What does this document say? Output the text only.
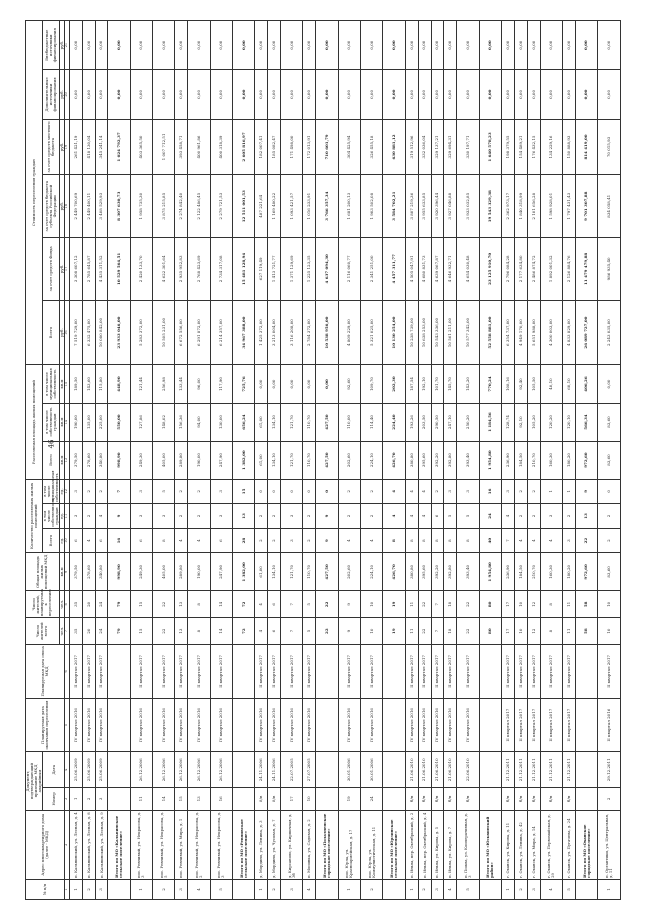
46
№ п/п	Адрес многоквартирного дома (далее - МКД)	Документ, подтверждающий признание МКД аварийным		Планируемая дата окончания переселения	Планируемая дата сноса МКД	Число жителей всего	Число жителей, планируемых к переселению	Общая площадь жилых помещений МКД	Количество расселяемых жилых помещений			Расселяемая площадь жилых помещений			Стоимость переселения граждан					
		Номер	Дата						Всего	в том числе собственность граждан	в том числе муниципальная собственность	Всего	в том числе собственность граждан	в том числе муниципальная собственность	Всего	за счет средств Фонда	за счет средств бюджета субъекта Российской Федерации	за счет средств местного бюджета	Дополнительные источники финансирования	Внебюджетные источники финансирования
						чел.	чел.	кв.м	ед.	ед.	ед.	кв.м	кв.м	кв.м	руб.	руб.	руб.	руб.	руб.	руб.
1	2	3	4	5	6	7	8	9	10	11	12	13	14	15	16	17	18	19	20	21
1	п. Кальнинский, ул. Лесная, д. 4	1	25.06.2009	IV квартал 2016	II квартал 2017	35	35	379,50	6	3	3	379,50	190,00	189,50	7 519 729,00	3 308 607,12	2 449 700,69	261 421,19	0,00	0,00
2	п. Кальнинский, ул. Лесная, д. 8	2	25.06.2009	IV квартал 2016	II квартал 2017	20	20	278,60	4	2	2	278,60	135,00	143,60	6 332 475,00	2 785 645,87	2 449 400,11	418 130,04	0,00	0,00
3	п. Кальнинский, ул. Лесная, д. 9	3	25.06.2009	IV квартал 2016	II квартал 2017	24	24	340,80	6	4	2	340,80	225,00	115,80	10 080 842,00	4 435 311,52	3 408 529,93	345 241,14	0,00	0,00
	Итого по МО «Кальнинское сельское поселение»					79	79	998,90	16	9	7	998,90	550,00	448,90	23 933 046,00	10 529 564,51	8 307 630,73	1 024 792,37	0,00	0,00
1	пос. Ревнивый, ул. Некрасова, д. 3	11	26.12.2006	IV квартал 2016	II квартал 2017	15	15	249,30	6	3	3	249,30	127,86	121,44	5 283 372,00	2 420 133,70	1 958 735,30	403 365,50	0,00	0,00
2	пос. Ревнивый, ул. Некрасова, д. 5	14	26.12.2006	IV квартал 2016	II квартал 2017	22	22	405,00	8	3	5	405,00	148,02	256,98	10 505 231,00	4 622 301,64	3 875 215,85	1 007 712,51	0,00	0,00
3	пос. Ревнивый, ул. Мира, д. 1	15	26.12.2006	IV квартал 2016	II квартал 2017	13	13	289,80	4	2	2	289,80	156,36	133,44	6 672 556,00	2 935 952,83	2 274 842,40	393 458,71	0,00	0,00
4	пос. Ревнивый, ул. Некрасова, д. 2	13	26.12.2006	IV квартал 2016	II квартал 2017	8	8	190,00	4	2	2	190,00	94,00	96,00	6 291 872,00	2 768 423,69	2 122 486,45	400 961,86	0,00	0,00
5	пос. Ревнивый, ул. Некрасова, д. 3	16	26.12.2006	IV квартал 2016	II квартал 2017	14	14	247,90	6	3	3	247,90	130,00	117,90	6 214 357,00	2 734 317,08	2 279 721,53	400 318,39	0,00	0,00
	Итого по МО «Ревнивское сельское поселение»					72	72	1 382,00	28	13	15	1 382,00	656,24	725,76	34 967 388,00	15 481 128,94	12 511 001,53	2 605 816,97	0,00	0,00
1	д. Мордино, ул. Ленина, д. 3	8/в	24.11.2006	IV квартал 2016	II квартал 2017	4	4	61,00	2	2	0	61,00	61,00	0,00	1 425 372,00	627 119,49	487 221,64	182 007,41	0,00	0,00
2	д. Мордино, ул. Чусовая, д. 7	8/в	24.11.2006	IV квартал 2016	II квартал 2017	6	6	134,10	2	2	0	134,10	134,10	0,00	3 213 004,00	1 413 721,77	1 169 480,22	185 082,47	0,00	0,00
3	д. Кирсаново, ул. Кирпичная, д. 3б	17	22.07.2005	IV квартал 2016	II квартал 2017	7	7	121,70	3	3	0	121,70	121,70	0,00	3 116 208,00	1 371 129,69	1 093 421,57	171 498,00	0,00	0,00
4	п. Мосинка, ул. Садовая, д. 2	10	27.07.2005	IV квартал 2016	II квартал 2017	5	5	110,70	2	2	0	110,70	110,70	0,00	2 784 372,00	1 225 123,35	1 016 233,91	172 013,91	0,00	0,00
	Итого по МО «Полазненское городское поселение»					22	22	427,50	9	9	0	427,50	427,50	0,00	10 538 956,00	4 637 094,30	3 766 357,34	710 601,79	0,00	0,00
1	пос. Юрла, ул. Красноармейская, д. 17	19	30.01.2006	IV квартал 2016	II квартал 2017	9	9	202,60	4	2	2	202,60	110,00	92,60	4 809 229,00	2 116 060,77	1 681 200,13	304 425,94	0,00	0,00
2	пос. Юрла, ул. Коммунистическая, д. 11	24	30.01.2006	IV квартал 2016	II квартал 2017	10	10	224,10	4	2	2	224,10	114,40	109,70	5 321 025,00	2 341 251,00	1 903 502,08	326 455,18	0,00	0,00
	Итого по МО «Юрлинское сельское поселение»					19	19	426,70	8	4	4	426,70	224,40	202,30	10 130 254,00	4 457 311,77	3 584 702,21	630 881,12	0,00	0,00
1	п. Иньва, пер. Октябрьский, д. 2	б/н	21.06.2010	IV квартал 2016	II квартал 2017	11	11	380,80	8	4	4	380,80	193,26	187,54	10 238 739,00	4 505 047,91	3 807 219,36	319 512,96	0,00	0,00
2	п. Иньва, пер. Октябрьский, д. 4	б/н	21.06.2010	IV квартал 2016	II квартал 2017	22	22	395,60	8	4	4	395,60	203,50	192,10	10 638 253,00	4 680 831,73	3 955 633,85	332 036,04	0,00	0,00
3	п. Иньва, ул. Кирова, д. 5	б/н	21.06.2010	IV квартал 2016	II квартал 2017	7	7	392,20	8	6	2	392,20	290,50	101,70	10 543 336,00	4 639 067,87	3 920 396,44	329 137,21	0,00	0,00
4	п. Иньва, ул. Кирова, д. 7	б/н	21.06.2010	IV квартал 2016	II квартал 2017	18	18	392,80	8	5	3	392,80	247,10	145,70	10 561 211,00	4 646 932,71	3 927 046,88	329 694,31	0,00	0,00
5	п. Пожва, ул. Кооперативная, д. 3	б/н	22.06.2010	IV квартал 2016	II квартал 2017	22	22	393,40	8	5	3	393,40	250,20	143,20	10 577 342,00	4 654 030,48	3 933 032,85	330 197,71	0,00	0,00
	Итого по МО «Юсьвинский район»					80	80	1 954,80	40	24	16	1 954,80	1 184,56	770,24	52 558 881,00	23 125 910,70	19 543 329,38	1 640 578,23	0,00	0,00
1	г. Оханск, ул. Кирова, д. 11	б/н	21.12.2011	II квартал 2017	II квартал 2017	17	17	236,90	7	4	3	236,90	128,74	108,16	6 354 737,00	2 796 084,28	2 362 973,17	198 379,55	0,00	0,00
2	г. Оханск, ул. Ленина, д. 42	б/н	21.12.2011	II квартал 2017	II квартал 2017	10	10	184,50	4	2	2	184,50	92,10	92,40	4 949 170,00	2 177 634,80	1 840 318,99	154 489,21	0,00	0,00
3	г. Оханск, ул. Мира, д. 14	б/н	21.12.2011	II квартал 2017	II квартал 2017	12	12	210,70	4	2	2	210,70	105,20	105,50	5 651 988,00	2 486 874,72	2 101 656,28	176 432,15	0,00	0,00
4	г. Оханск, ул. Первомайская, д. 29	б/н	21.12.2011	II квартал 2017	II квартал 2017	8	8	160,30	4	3	1	160,30	120,20	40,10	4 300 003,00	1 892 001,32	1 598 928,01	134 229,16	0,00	0,00
5	г. Оханск, ул. Пугачева, д. 24	б/н	21.12.2011	II квартал 2017	II квартал 2017	11	11	180,20	3	2	1	180,20	120,10	60,10	4 833 829,00	2 126 884,76	1 797 431,43	150 888,93	0,00	0,00
	Итого по МО «Оханское городское поселение»					58	58	972,60	22	13	9	972,60	566,34	406,26	26 089 727,00	11 479 479,88	9 701 307,88	814 419,00	0,00	0,00
1	п. Оргаптики, ул. Центральная, д. 11	2	29.12.2011	II квартал 2016	II квартал 2017	10	10	83,60	2	2	0	83,60	83,60	0,00	2 243 035,00	986 935,40	834 058,41	70 015,93	0,00	0,00
